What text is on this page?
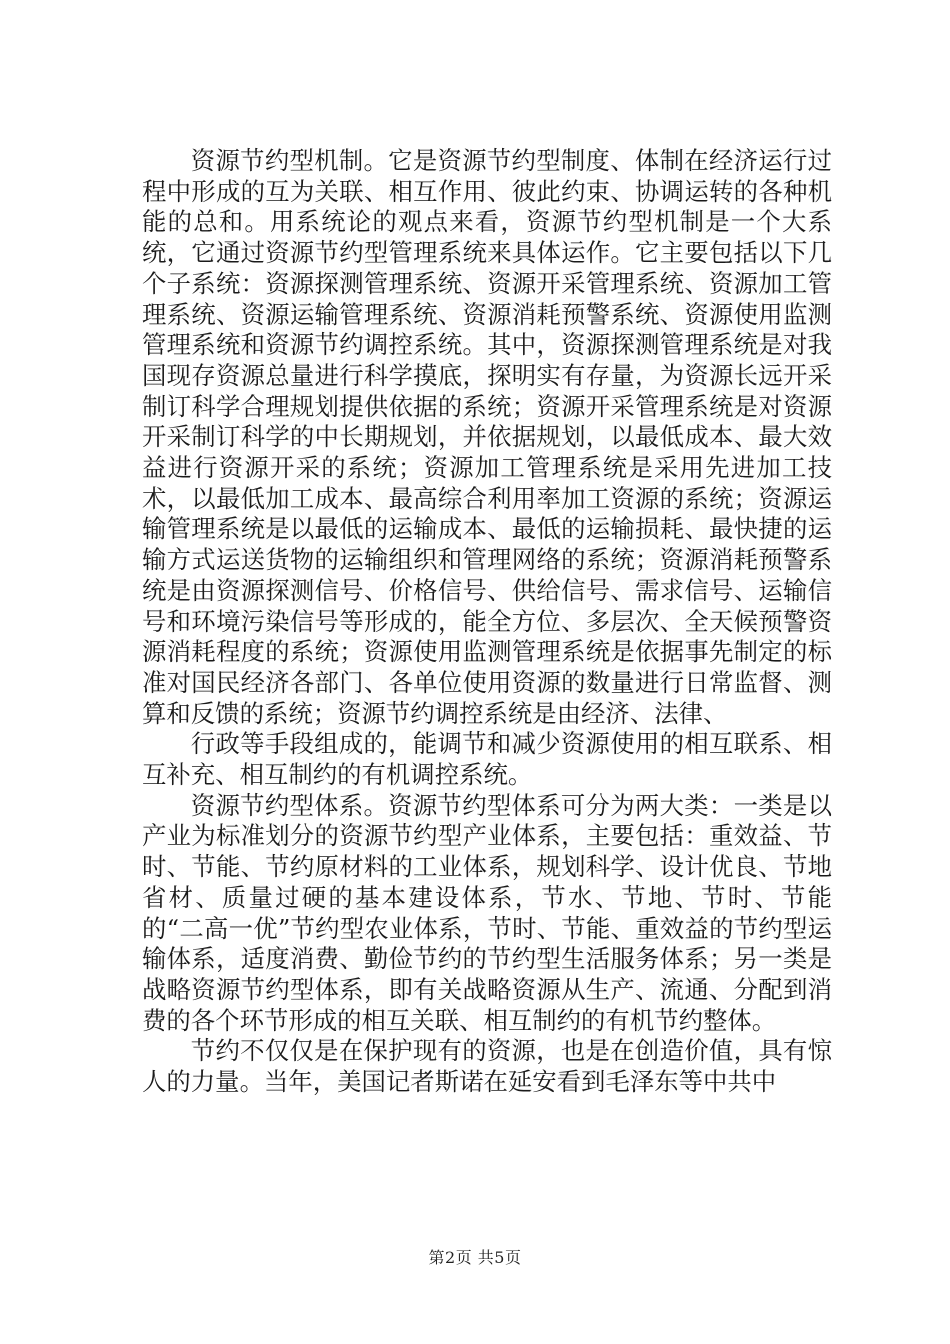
资源节约型机制。它是资源节约型制度、体制在经济运行过程中形成的互为关联、相互作用、彼此约束、协调运转的各种机能的总和。用系统论的观点来看，资源节约型机制是一个大系统，它通过资源节约型管理系统来具体运作。它主要包括以下几个子系统：资源探测管理系统、资源开采管理系统、资源加工管理系统、资源运输管理系统、资源消耗预警系统、资源使用监测管理系统和资源节约调控系统。其中，资源探测管理系统是对我国现存资源总量进行科学摸底，探明实有存量，为资源长远开采制订科学合理规划提供依据的系统；资源开采管理系统是对资源开采制订科学的中长期规划，并依据规划，以最低成本、最大效益进行资源开采的系统；资源加工管理系统是采用先进加工技术，以最低加工成本、最高综合利用率加工资源的系统；资源运输管理系统是以最低的运输成本、最低的运输损耗、最快捷的运输方式运送货物的运输组织和管理网络的系统；资源消耗预警系统是由资源探测信号、价格信号、供给信号、需求信号、运输信号和环境污染信号等形成的，能全方位、多层次、全天候预警资源消耗程度的系统；资源使用监测管理系统是依据事先制定的标准对国民经济各部门、各单位使用资源的数量进行日常监督、测算和反馈的系统；资源节约调控系统是由经济、法律、

行政等手段组成的，能调节和减少资源使用的相互联系、相互补充、相互制约的有机调控系统。

资源节约型体系。资源节约型体系可分为两大类：一类是以产业为标准划分的资源节约型产业体系，主要包括：重效益、节时、节能、节约原材料的工业体系，规划科学、设计优良、节地省材、质量过硬的基本建设体系，节水、节地、节时、节能的“二高一优”节约型农业体系，节时、节能、重效益的节约型运输体系，适度消费、勤俭节约的节约型生活服务体系；另一类是战略资源节约型体系，即有关战略资源从生产、流通、分配到消费的各个环节形成的相互关联、相互制约的有机节约整体。

节约不仅仅是在保护现有的资源，也是在创造价值，具有惊人的力量。当年，美国记者斯诺在延安看到毛泽东等中共中

第2页 共5页
